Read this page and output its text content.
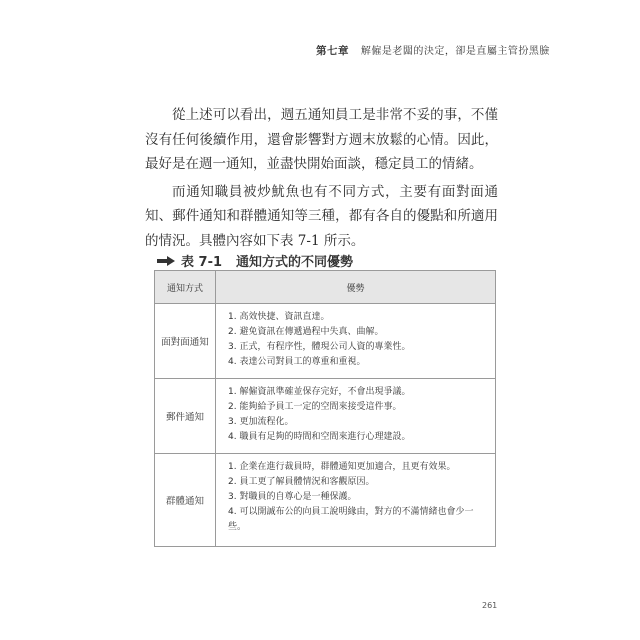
第七章 解僱是老闆的決定，卻是直屬主管扮黑臉

從上述可以看出，週五通知員工是非常不妥的事，不僅沒有任何後續作用，還會影響對方週末放鬆的心情。因此，最好是在週一通知，並盡快開始面談，穩定員工的情緒。

而通知職員被炒魷魚也有不同方式，主要有面對面通知、郵件通知和群體通知等三種，都有各自的優點和所適用的情況。具體內容如下表 7-1 所示。

表 7-1 通知方式的不同優勢
通知方式	優勢
面對面通知	1. 高效快捷、資訊直達。
2. 避免資訊在傳遞過程中失真、曲解。
3. 正式，有程序性，體現公司人資的專業性。
4. 表達公司對員工的尊重和重視。

郵件通知	1. 解僱資訊準確並保存完好，不會出現爭議。
2. 能夠給予員工一定的空間來接受這件事。
3. 更加流程化。
4. 職員有足夠的時間和空間來進行心理建設。

群體通知	1. 企業在進行裁員時，群體通知更加適合，且更有效果。
2. 員工更了解員體情況和客觀原因。
3. 對職員的自尊心是一種保護。
4. 可以開誠布公的向員工說明緣由，對方的不滿情緒也會少一些。
261
